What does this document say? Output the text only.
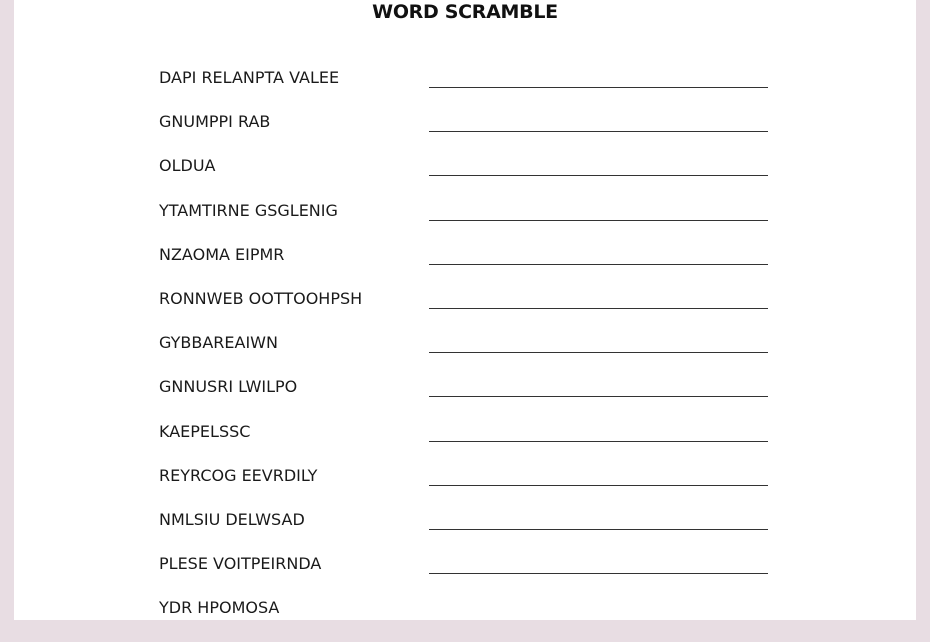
WORD SCRAMBLE
DAPI RELANPTA VALEE
GNUMPPI RAB
OLDUA
YTAMTIRNE GSGLENIG
NZAOMA EIPMR
RONNWEB OOTTOOHPSH
GYBBAREAIWN
GNNUSRI LWILPO
KAEPELSSC
REYRCOG EEVRDILY
NMLSIU DELWSAD
PLESE VOITPEIRNDA
YDR HPOMOSA
